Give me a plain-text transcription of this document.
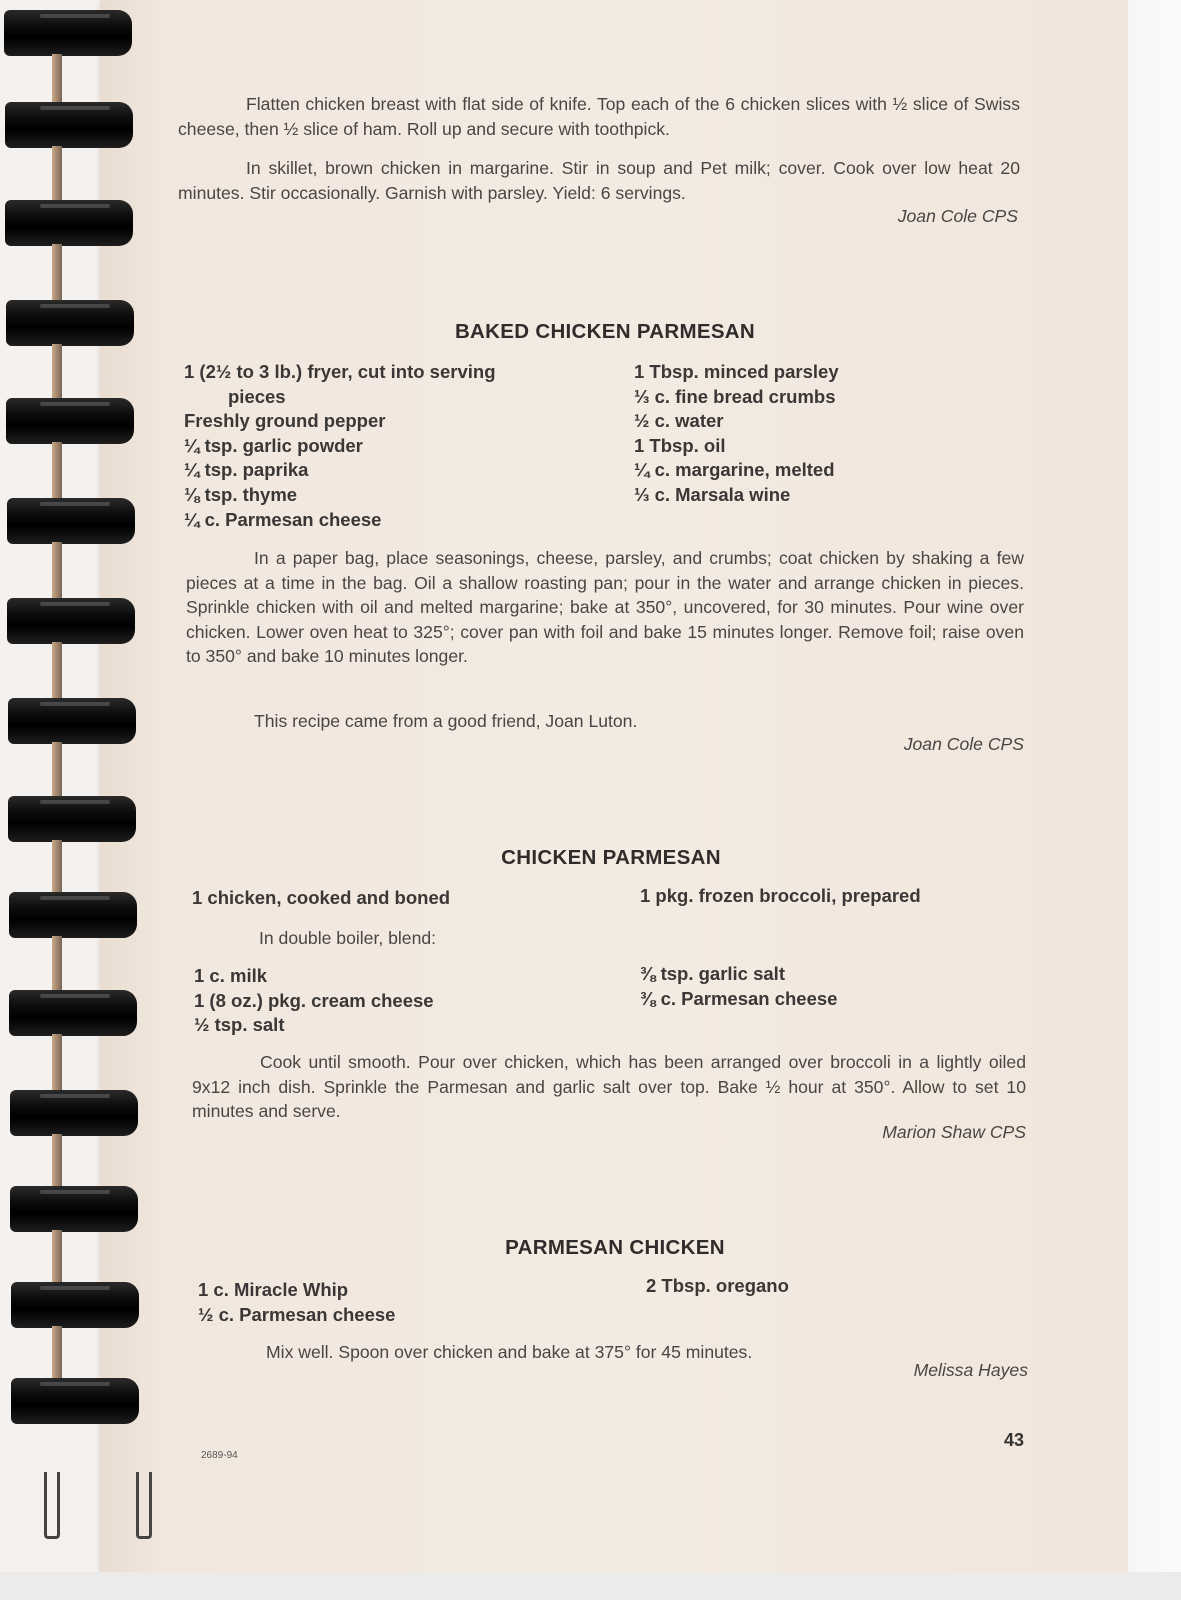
Flatten chicken breast with flat side of knife. Top each of the 6 chicken slices with ½ slice of Swiss cheese, then ½ slice of ham. Roll up and secure with toothpick.
In skillet, brown chicken in margarine. Stir in soup and Pet milk; cover. Cook over low heat 20 minutes. Stir occasionally. Garnish with parsley. Yield: 6 servings.
Joan Cole CPS
BAKED CHICKEN PARMESAN
1 (2½ to 3 lb.) fryer, cut into serving
pieces
Freshly ground pepper
¼ tsp. garlic powder
¼ tsp. paprika
⅛ tsp. thyme
¼ c. Parmesan cheese
1 Tbsp. minced parsley
⅓ c. fine bread crumbs
½ c. water
1 Tbsp. oil
¼ c. margarine, melted
⅓ c. Marsala wine
In a paper bag, place seasonings, cheese, parsley, and crumbs; coat chicken by shaking a few pieces at a time in the bag. Oil a shallow roasting pan; pour in the water and arrange chicken in pieces. Sprinkle chicken with oil and melted margarine; bake at 350°, uncovered, for 30 minutes. Pour wine over chicken. Lower oven heat to 325°; cover pan with foil and bake 15 minutes longer. Remove foil; raise oven to 350° and bake 10 minutes longer.
This recipe came from a good friend, Joan Luton.
Joan Cole CPS
CHICKEN PARMESAN
1 chicken, cooked and boned	1 pkg. frozen broccoli, prepared
In double boiler, blend:
1 c. milk
1 (8 oz.) pkg. cream cheese
½ tsp. salt
⅜ tsp. garlic salt
⅜ c. Parmesan cheese
Cook until smooth. Pour over chicken, which has been arranged over broccoli in a lightly oiled 9x12 inch dish. Sprinkle the Parmesan and garlic salt over top. Bake ½ hour at 350°. Allow to set 10 minutes and serve.
Marion Shaw CPS
PARMESAN CHICKEN
1 c. Miracle Whip
½ c. Parmesan cheese
2 Tbsp. oregano
Mix well. Spoon over chicken and bake at 375° for 45 minutes.
Melissa Hayes
2689-94
43
